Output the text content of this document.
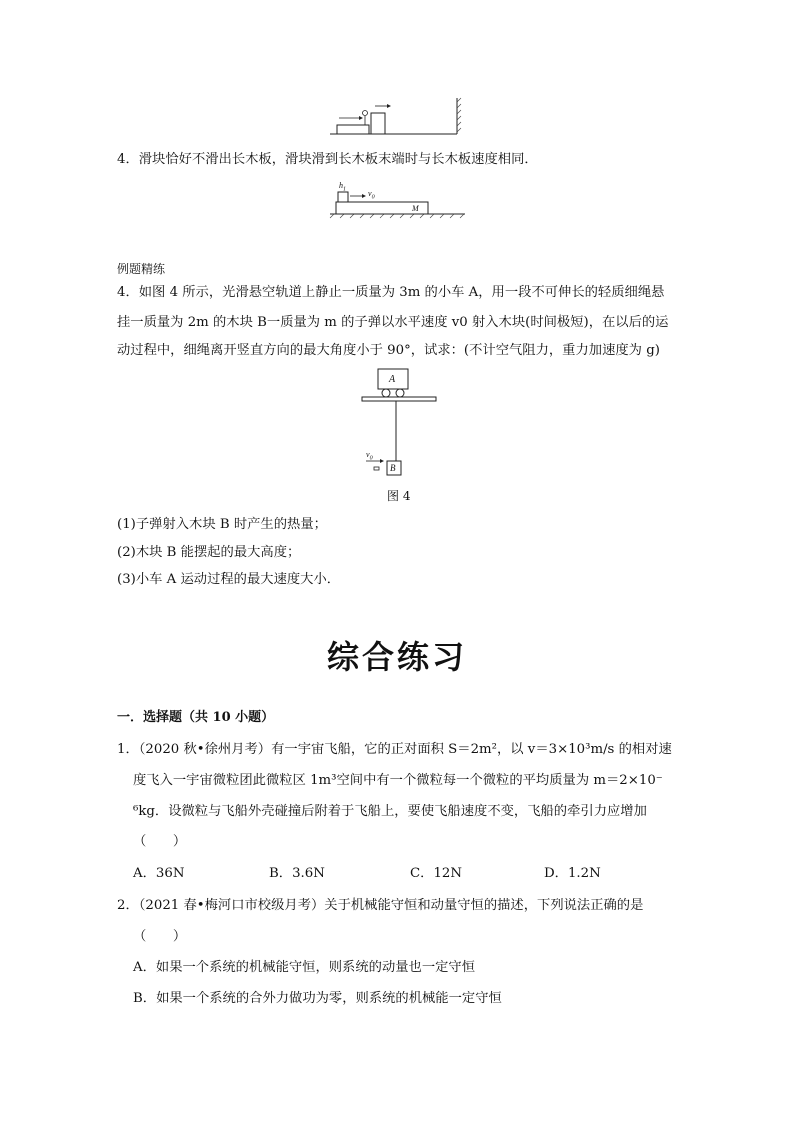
4．滑块恰好不滑出长木板，滑块滑到长木板末端时与长木板速度相同．
$h_1$	$v_0$
M
例题精练
4．如图 4 所示，光滑悬空轨道上静止一质量为 3m 的小车 A，用一段不可伸长的轻质细绳悬
挂一质量为 2m 的木块 B一质量为 m 的子弹以水平速度 v0 射入木块(时间极短)，在以后的运
动过程中，细绳离开竖直方向的最大角度小于 90°，试求：(不计空气阻力，重力加速度为 g)
A
B
$v_0$
图 4
(1)子弹射入木块 B 时产生的热量；
(2)木块 B 能摆起的最大高度；
(3)小车 A 运动过程的最大速度大小．
综合练习
一．选择题（共 10 小题）
1．（2020 秋•徐州月考）有一宇宙飞船，它的正对面积 S＝2m²，以 v＝3×10³m/s 的相对速
度飞入一宇宙微粒团此微粒区 1m³空间中有一个微粒每一个微粒的平均质量为 m＝2×10⁻
⁶kg．设微粒与飞船外壳碰撞后附着于飞船上，要使飞船速度不变，飞船的牵引力应增加
（　　）
A．36N	B．3.6N	C．12N	D．1.2N
2．（2021 春•梅河口市校级月考）关于机械能守恒和动量守恒的描述，下列说法正确的是
（　　）
A．如果一个系统的机械能守恒，则系统的动量也一定守恒
B．如果一个系统的合外力做功为零，则系统的机械能一定守恒
